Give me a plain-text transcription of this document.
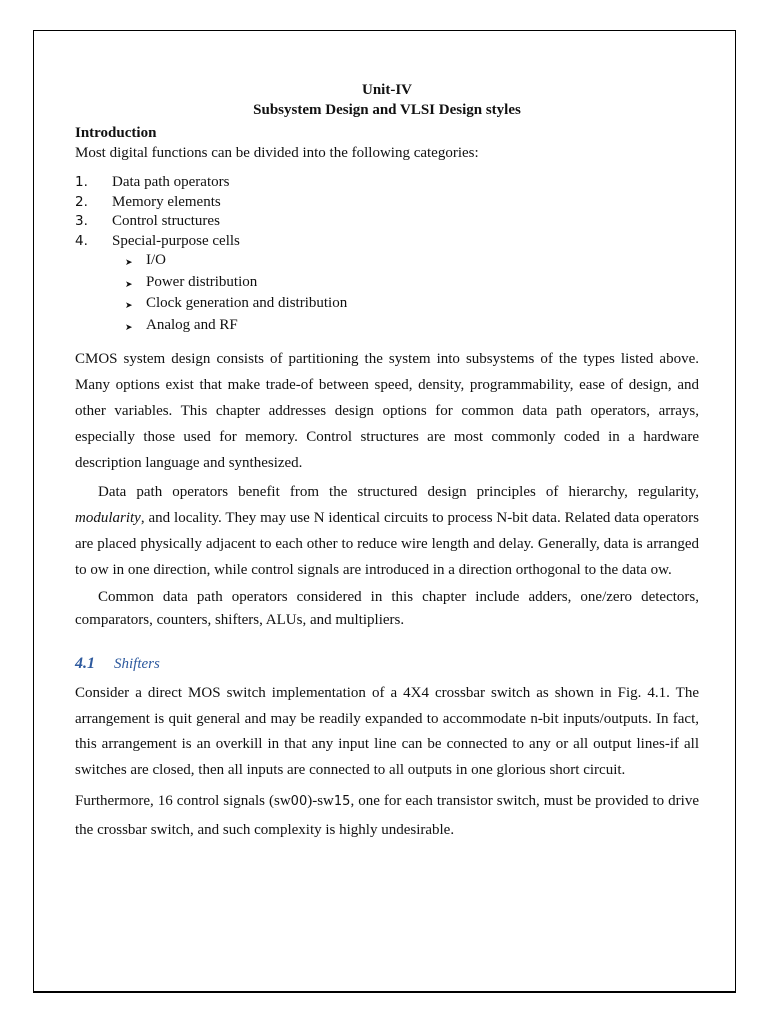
Unit-IV

Subsystem Design and VLSI Design styles

Introduction

Most digital functions can be divided into the following categories:

1.	Data path operators
2.	Memory elements
3.	Control structures
4.	Special-purpose cells
➤ I/O
➤ Power distribution
➤ Clock generation and distribution
➤ Analog and RF

CMOS system design consists of partitioning the system into subsystems of the types listed above. Many options exist that make trade-of between speed, density, programmability, ease of design, and other variables. This chapter addresses design options for common data path operators, arrays, especially those used for memory. Control structures are most commonly coded in a hardware description language and synthesized.

Data path operators benefit from the structured design principles of hierarchy, regularity, modularity, and locality. They may use N identical circuits to process N-bit data. Related data operators are placed physically adjacent to each other to reduce wire length and delay. Generally, data is arranged to ow in one direction, while control signals are introduced in a direction orthogonal to the data ow.

Common data path operators considered in this chapter include adders, one/zero detectors, comparators, counters, shifters, ALUs, and multipliers.

4.1 Shifters

Consider a direct MOS switch implementation of a 4X4 crossbar switch as shown in Fig. 4.1. The arrangement is quit general and may be readily expanded to accommodate n-bit inputs/outputs. In fact, this arrangement is an overkill in that any input line can be connected to any or all output lines-if all switches are closed, then all inputs are connected to all outputs in one glorious short circuit.

Furthermore, 16 control signals (sw00)-sw15, one for each transistor switch, must be provided to drive the crossbar switch, and such complexity is highly undesirable.
